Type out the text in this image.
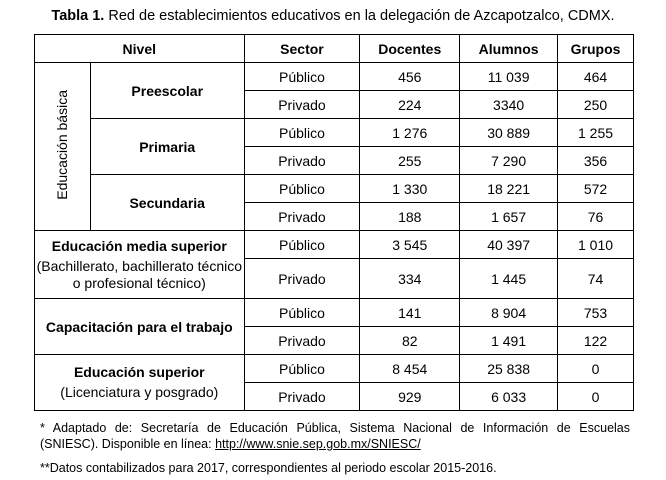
Tabla 1. Red de establecimientos educativos en la delegación de Azcapotzalco, CDMX.
Nivel		Sector	Docentes	Alumnos	Grupos
Educación básica	Preescolar	Público	456	11 039	464
		Privado	224	3340	250
	Primaria	Público	1 276	30 889	1 255
		Privado	255	7 290	356
	Secundaria	Público	1 330	18 221	572
		Privado	188	1 657	76

Educación media superior
(Bachillerato, bachillerato técnico o profesional técnico)		Público	3 545	40 397	1 010
		Privado	334	1 445	74
Capacitación para el trabajo		Público	141	8 904	753
		Privado	82	1 491	122

Educación superior
(Licenciatura y posgrado)		Público	8 454	25 838	0
		Privado	929	6 033	0
* Adaptado de: Secretaría de Educación Pública, Sistema Nacional de Información de Escuelas (SNIESC). Disponible en línea: http://www.snie.sep.gob.mx/SNIESC/
**Datos contabilizados para 2017, correspondientes al periodo escolar 2015-2016.
